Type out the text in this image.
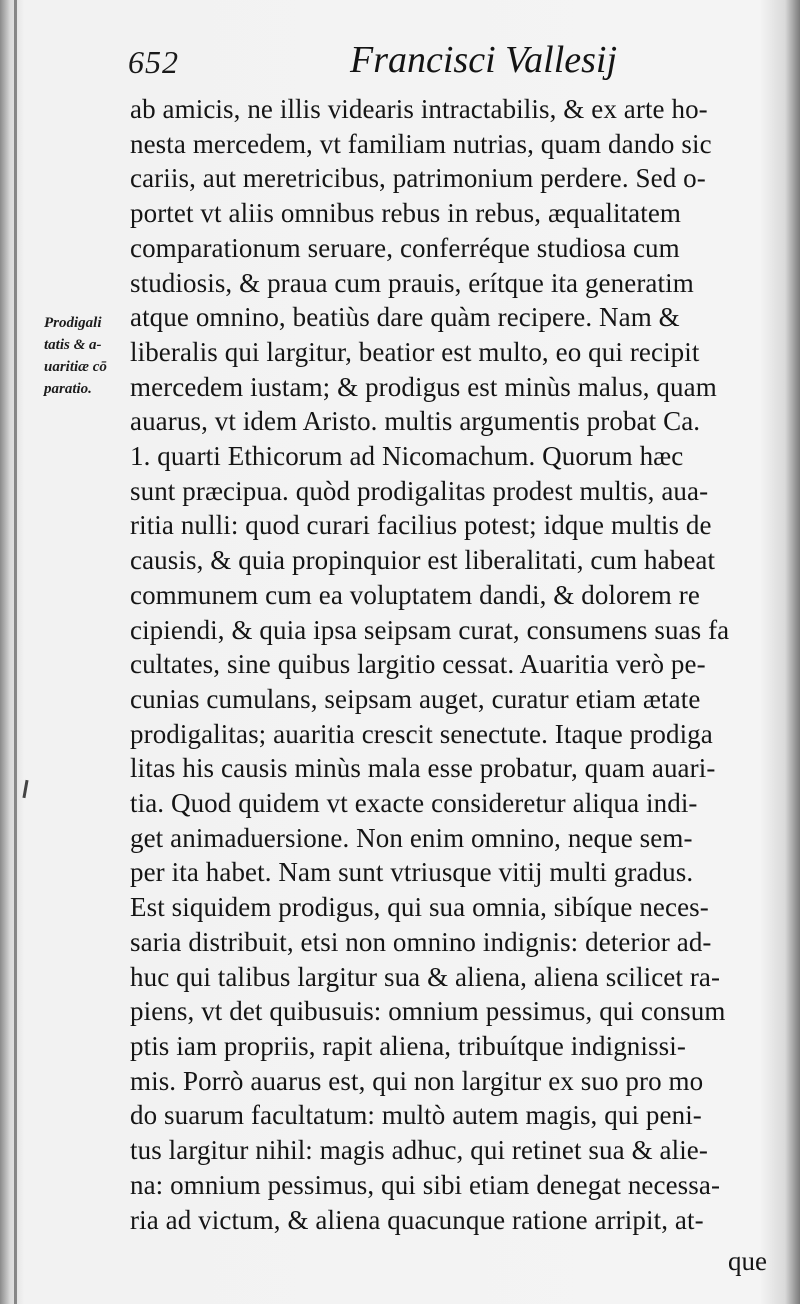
652	Francisci Vallesij
Prodigali
tatis & a-
uaritiæ cō
paratio.
ab amicis, ne illis videaris intractabilis, & ex arte ho-
nesta mercedem, vt familiam nutrias, quam dando sic
cariis, aut meretricibus, patrimonium perdere. Sed o-
portet vt aliis omnibus rebus in rebus, æqualitatem
comparationum seruare, conferréque studiosa cum
studiosis, & praua cum prauis, erítque ita generatim
atque omnino, beatiùs dare quàm recipere. Nam &
liberalis qui largitur, beatior est multo, eo qui recipit
mercedem iustam; & prodigus est minùs malus, quam
auarus, vt idem Aristo. multis argumentis probat Ca.
1. quarti Ethicorum ad Nicomachum. Quorum hæc
sunt præcipua. quòd prodigalitas prodest multis, aua-
ritia nulli: quod curari facilius potest; idque multis de
causis, & quia propinquior est liberalitati, cum habeat
communem cum ea voluptatem dandi, & dolorem re
cipiendi, & quia ipsa seipsam curat, consumens suas fa
cultates, sine quibus largitio cessat. Auaritia verò pe-
cunias cumulans, seipsam auget, curatur etiam ætate
prodigalitas; auaritia crescit senectute. Itaque prodiga
litas his causis minùs mala esse probatur, quam auari-
tia. Quod quidem vt exacte consideretur aliqua indi-
get animaduersione. Non enim omnino, neque sem-
per ita habet. Nam sunt vtriusque vitij multi gradus.
Est siquidem prodigus, qui sua omnia, sibíque neces-
saria distribuit, etsi non omnino indignis: deterior ad-
huc qui talibus largitur sua & aliena, aliena scilicet ra-
piens, vt det quibusuis: omnium pessimus, qui consum
ptis iam propriis, rapit aliena, tribuítque indignissi-
mis. Porrò auarus est, qui non largitur ex suo pro mo
do suarum facultatum: multò autem magis, qui peni-
tus largitur nihil: magis adhuc, qui retinet sua & alie-
na: omnium pessimus, qui sibi etiam denegat necessa-
ria ad victum, & aliena quacunque ratione arripit, at-
que
